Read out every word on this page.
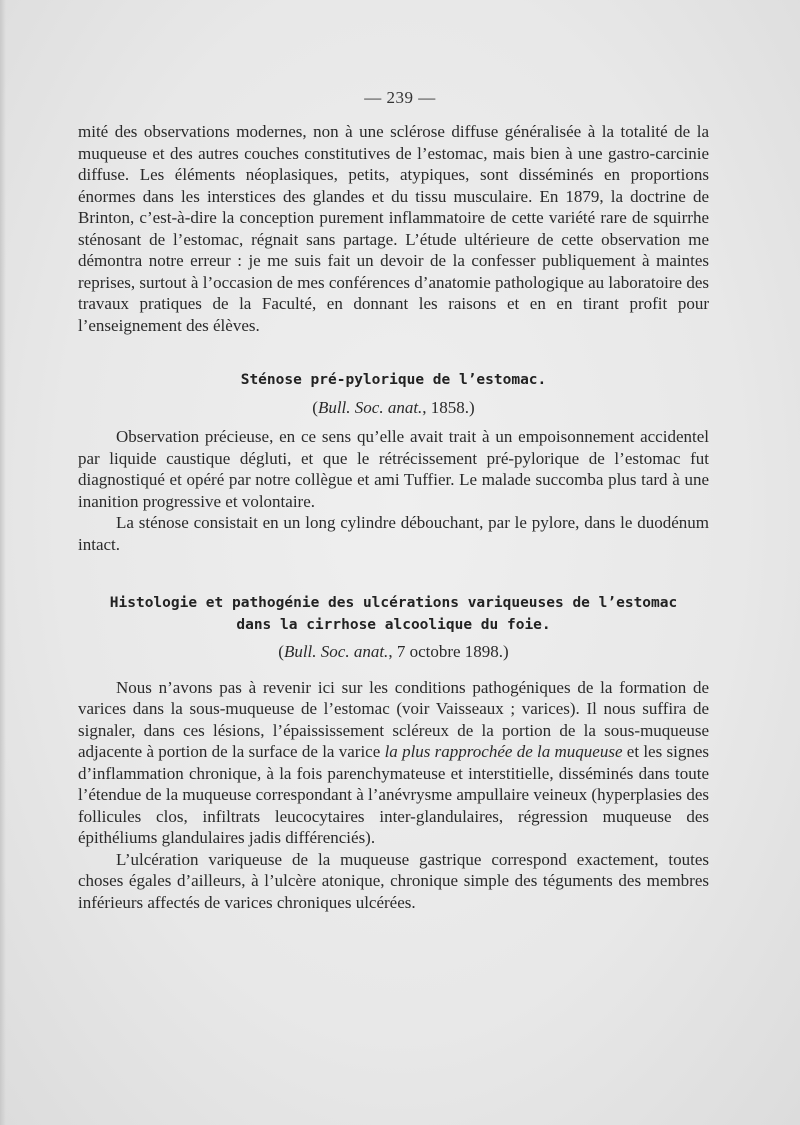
— 239 —

mité des observations modernes, non à une sclérose diffuse généralisée à la totalité de la muqueuse et des autres couches constitutives de l’estomac, mais bien à une gastro-carcinie diffuse. Les éléments néoplasiques, petits, atypiques, sont disséminés en proportions énormes dans les interstices des glandes et du tissu musculaire. En 1879, la doctrine de Brinton, c’est-à-dire la conception purement inflammatoire de cette variété rare de squirrhe sténosant de l’estomac, régnait sans partage. L’étude ultérieure de cette observation me démontra notre erreur : je me suis fait un devoir de la confesser publiquement à maintes reprises, surtout à l’occasion de mes conférences d’anatomie pathologique au laboratoire des travaux pratiques de la Faculté, en donnant les raisons et en en tirant profit pour l’enseignement des élèves.

Sténose pré-pylorique de l’estomac.
(Bull. Soc. anat., 1858.)

Observation précieuse, en ce sens qu’elle avait trait à un empoisonnement accidentel par liquide caustique dégluti, et que le rétrécissement pré-pylorique de l’estomac fut diagnostiqué et opéré par notre collègue et ami Tuffier. Le malade succomba plus tard à une inanition progressive et volontaire.

La sténose consistait en un long cylindre débouchant, par le pylore, dans le duodénum intact.

Histologie et pathogénie des ulcérations variqueuses de l’estomac
dans la cirrhose alcoolique du foie.
(Bull. Soc. anat., 7 octobre 1898.)

Nous n’avons pas à revenir ici sur les conditions pathogéniques de la formation de varices dans la sous-muqueuse de l’estomac (voir Vaisseaux ; varices). Il nous suffira de signaler, dans ces lésions, l’épaississement scléreux de la portion de la sous-muqueuse adjacente à portion de la surface de la varice la plus rapprochée de la muqueuse et les signes d’inflammation chronique, à la fois parenchymateuse et interstitielle, disséminés dans toute l’étendue de la muqueuse correspondant à l’anévrysme ampullaire veineux (hyperplasies des follicules clos, infiltrats leucocytaires inter-glandulaires, régression muqueuse des épithéliums glandulaires jadis différenciés).

L’ulcération variqueuse de la muqueuse gastrique correspond exactement, toutes choses égales d’ailleurs, à l’ulcère atonique, chronique simple des téguments des membres inférieurs affectés de varices chroniques ulcérées.
